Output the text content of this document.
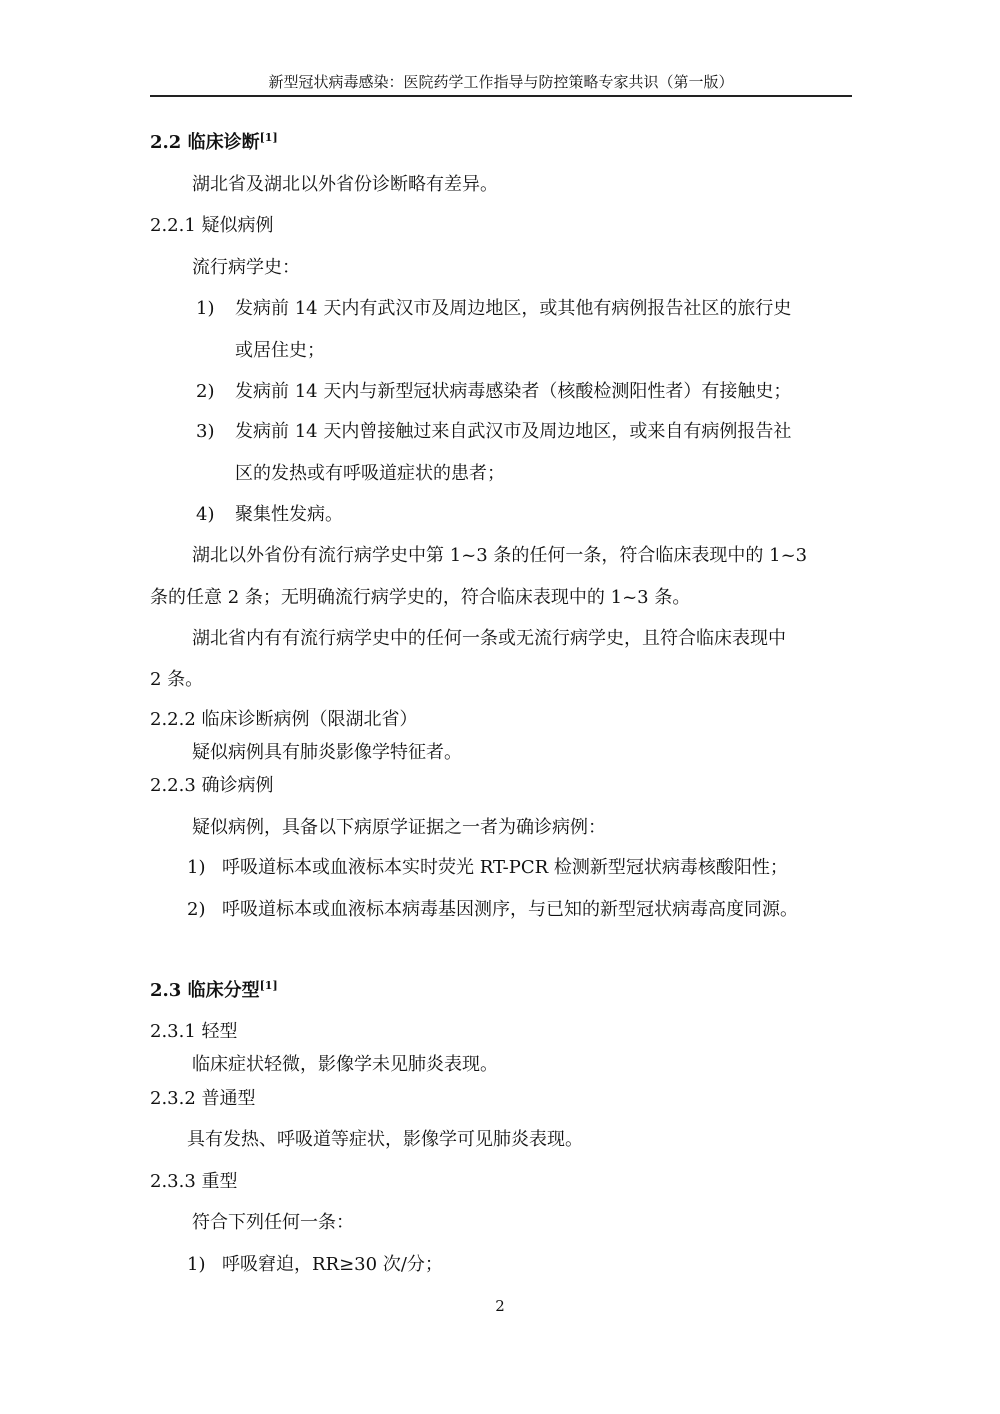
新型冠状病毒感染：医院药学工作指导与防控策略专家共识（第一版）
2.2 临床诊断[1]
湖北省及湖北以外省份诊断略有差异。
2.2.1 疑似病例
流行病学史：
1) 发病前 14 天内有武汉市及周边地区，或其他有病例报告社区的旅行史
或居住史；
2) 发病前 14 天内与新型冠状病毒感染者（核酸检测阳性者）有接触史；
3) 发病前 14 天内曾接触过来自武汉市及周边地区，或来自有病例报告社
区的发热或有呼吸道症状的患者；
4) 聚集性发病。
湖北以外省份有流行病学史中第 1~3 条的任何一条，符合临床表现中的 1~3
条的任意 2 条；无明确流行病学史的，符合临床表现中的 1~3 条。
湖北省内有有流行病学史中的任何一条或无流行病学史，且符合临床表现中
2 条。
2.2.2 临床诊断病例（限湖北省）
疑似病例具有肺炎影像学特征者。
2.2.3 确诊病例
疑似病例，具备以下病原学证据之一者为确诊病例：
1) 呼吸道标本或血液标本实时荧光 RT-PCR 检测新型冠状病毒核酸阳性；
2) 呼吸道标本或血液标本病毒基因测序，与已知的新型冠状病毒高度同源。
2.3 临床分型[1]
2.3.1 轻型
临床症状轻微，影像学未见肺炎表现。
2.3.2 普通型
具有发热、呼吸道等症状，影像学可见肺炎表现。
2.3.3 重型
符合下列任何一条：
1) 呼吸窘迫，RR≥30 次/分；
2
